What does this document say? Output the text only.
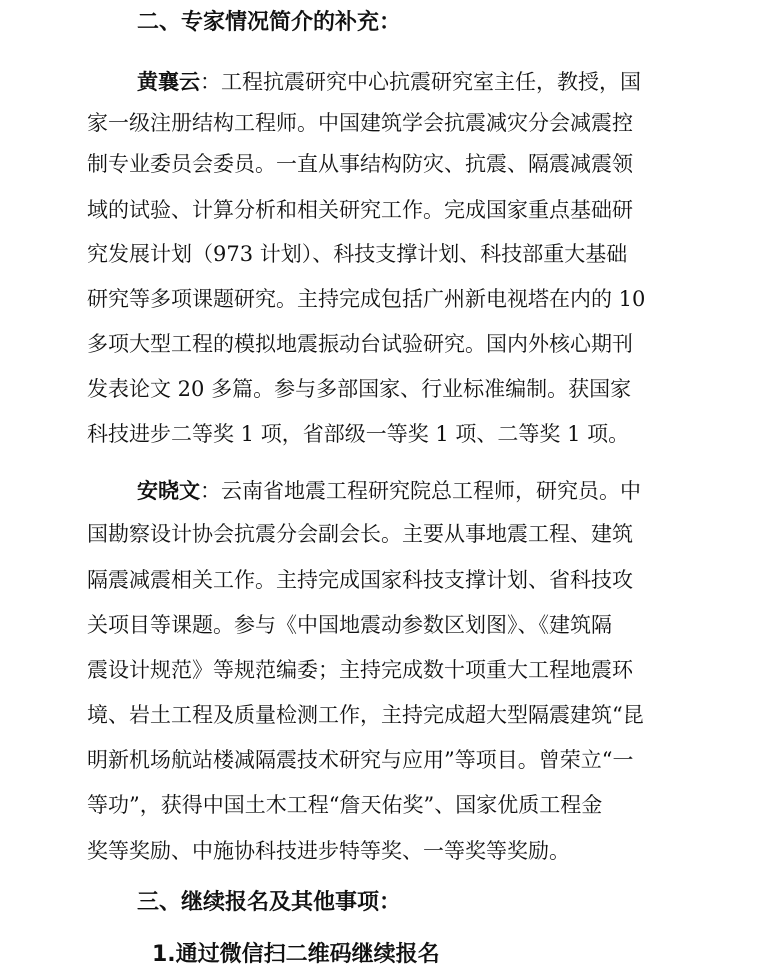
二、专家情况简介的补充：
黄襄云：工程抗震研究中心抗震研究室主任，教授，国
家一级注册结构工程师。中国建筑学会抗震减灾分会减震控
制专业委员会委员。一直从事结构防灾、抗震、隔震减震领
域的试验、计算分析和相关研究工作。完成国家重点基础研
究发展计划（973 计划）、科技支撑计划、科技部重大基础
研究等多项课题研究。主持完成包括广州新电视塔在内的 10
多项大型工程的模拟地震振动台试验研究。国内外核心期刊
发表论文 20 多篇。参与多部国家、行业标准编制。获国家
科技进步二等奖 1 项，省部级一等奖 1 项、二等奖 1 项。
安晓文：云南省地震工程研究院总工程师，研究员。中
国勘察设计协会抗震分会副会长。主要从事地震工程、建筑
隔震减震相关工作。主持完成国家科技支撑计划、省科技攻
关项目等课题。参与《中国地震动参数区划图》、《建筑隔
震设计规范》等规范编委；主持完成数十项重大工程地震环
境、岩土工程及质量检测工作，主持完成超大型隔震建筑“昆
明新机场航站楼减隔震技术研究与应用”等项目。曾荣立“一
等功”，获得中国土木工程“詹天佑奖”、国家优质工程金
奖等奖励、中施协科技进步特等奖、一等奖等奖励。
三、继续报名及其他事项：
1.通过微信扫二维码继续报名
